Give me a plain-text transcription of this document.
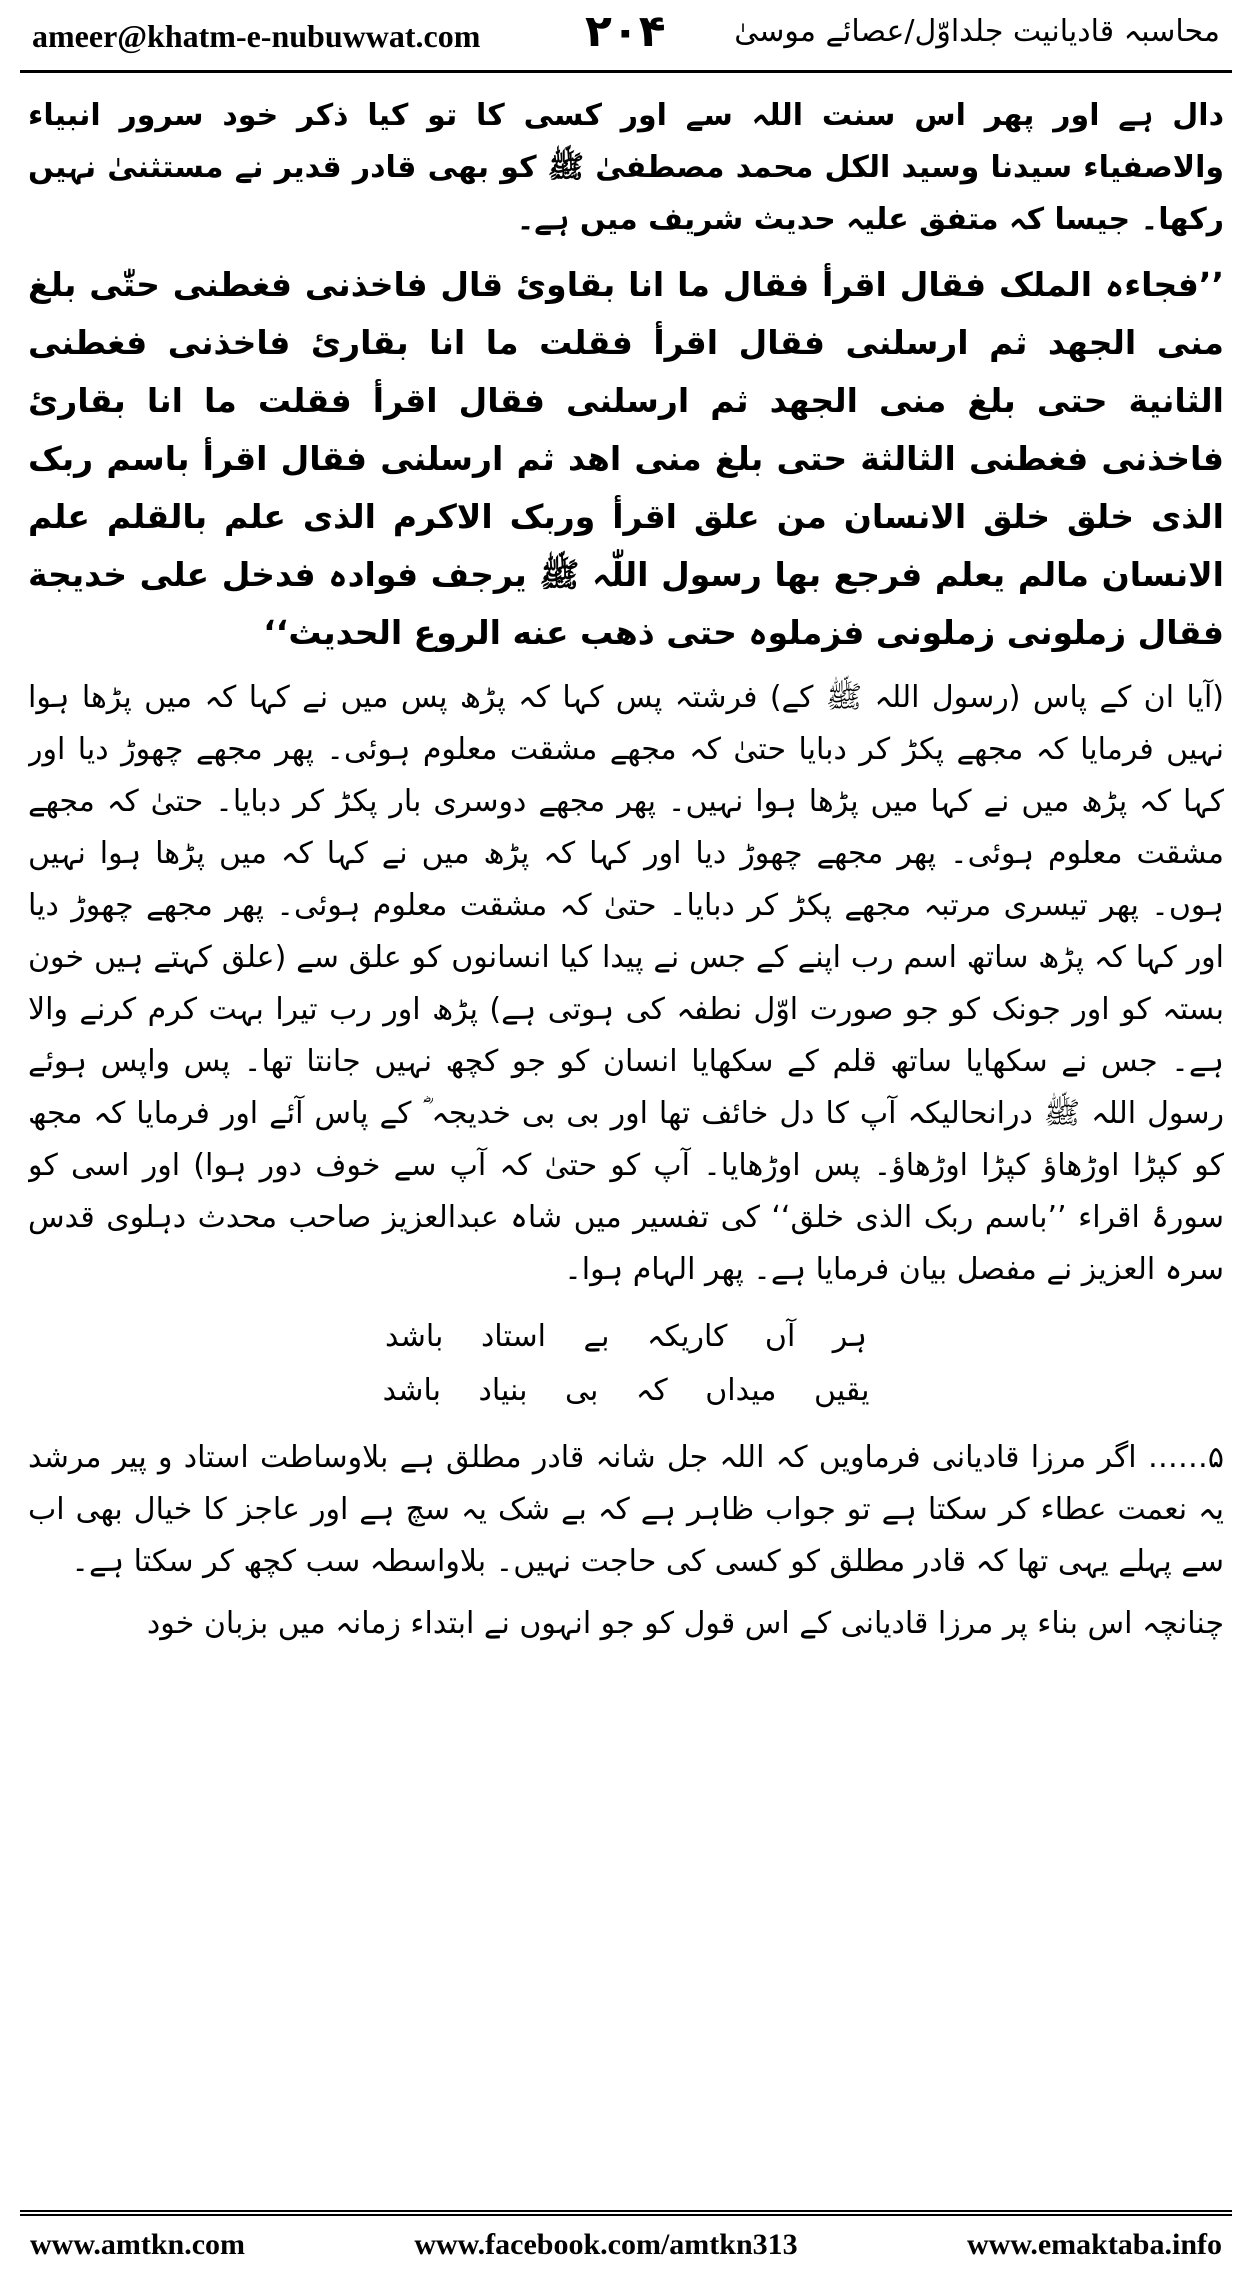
ameer@khatm-e-nubuwwat.com ۲۰۴ محاسبہ قادیانیت جلداوّل/عصائے موسیٰ

دال ہے اور پھر اس سنت اللہ سے اور کسی کا تو کیا ذکر خود سرور انبیاء والاصفیاء سیدنا وسید الکل محمد مصطفیٰ ﷺ کو بھی قادر قدیر نے مستثنیٰ نہیں رکھا۔ جیسا کہ متفق علیہ حدیث شریف میں ہے۔

’’فجاءہ الملک فقال اقرأ فقال ما انا بقاوئ قال فاخذنی فغطنی حتّٰی بلغ منی الجھد ثم ارسلنی فقال اقرأ فقلت ما انا بقاریٔ فاخذنی فغطنی الثانیة حتی بلغ منی الجھد ثم ارسلنی فقال اقرأ فقلت ما انا بقاریٔ فاخذنی فغطنی الثالثة حتی بلغ منی اھد ثم ارسلنی فقال اقرأ باسم ربک الذی خلق خلق الانسان من علق اقرأ وربک الاکرم الذی علم بالقلم علم الانسان مالم یعلم فرجع بھا رسول اللّٰہ ﷺ یرجف فوادہ فدخل علی خدیجة فقال زملونی زملونی فزملوہ حتی ذھب عنه الروع الحدیث‘‘

(آیا ان کے پاس (رسول اللہ ﷺ کے) فرشتہ پس کہا کہ پڑھ پس میں نے کہا کہ میں پڑھا ہوا نہیں فرمایا کہ مجھے پکڑ کر دبایا حتیٰ کہ مجھے مشقت معلوم ہوئی۔ پھر مجھے چھوڑ دیا اور کہا کہ پڑھ میں نے کہا میں پڑھا ہوا نہیں۔ پھر مجھے دوسری بار پکڑ کر دبایا۔ حتیٰ کہ مجھے مشقت معلوم ہوئی۔ پھر مجھے چھوڑ دیا اور کہا کہ پڑھ میں نے کہا کہ میں پڑھا ہوا نہیں ہوں۔ پھر تیسری مرتبہ مجھے پکڑ کر دبایا۔ حتیٰ کہ مشقت معلوم ہوئی۔ پھر مجھے چھوڑ دیا اور کہا کہ پڑھ ساتھ اسم رب اپنے کے جس نے پیدا کیا انسانوں کو علق سے (علق کہتے ہیں خون بستہ کو اور جونک کو جو صورت اوّل نطفہ کی ہوتی ہے) پڑھ اور رب تیرا بہت کرم کرنے والا ہے۔ جس نے سکھایا ساتھ قلم کے سکھایا انسان کو جو کچھ نہیں جانتا تھا۔ پس واپس ہوئے رسول اللہ ﷺ درانحالیکہ آپ کا دل خائف تھا اور بی بی خدیجہ ؓ کے پاس آئے اور فرمایا کہ مجھ کو کپڑا اوڑھاؤ کپڑا اوڑھاؤ۔ پس اوڑھایا۔ آپ کو حتیٰ کہ آپ سے خوف دور ہوا) اور اسی کو سورۂ اقراء ’’باسم ربک الذی خلق‘‘ کی تفسیر میں شاہ عبدالعزیز صاحب محدث دہلوی قدس سرہ العزیز نے مفصل بیان فرمایا ہے۔ پھر الہام ہوا۔

ہر آں کاریکہ بے استاد باشد
یقیں میداں کہ بی بنیاد باشد

۵…… اگر مرزا قادیانی فرماویں کہ اللہ جل شانہ قادر مطلق ہے بلاوساطت استاد و پیر مرشد یہ نعمت عطاء کر سکتا ہے تو جواب ظاہر ہے کہ بے شک یہ سچ ہے اور عاجز کا خیال بھی اب سے پہلے یہی تھا کہ قادر مطلق کو کسی کی حاجت نہیں۔ بلاواسطہ سب کچھ کر سکتا ہے۔

چنانچہ اس بناء پر مرزا قادیانی کے اس قول کو جو انہوں نے ابتداء زمانہ میں بزبان خود

www.amtkn.com	www.facebook.com/amtkn313	www.emaktaba.info
